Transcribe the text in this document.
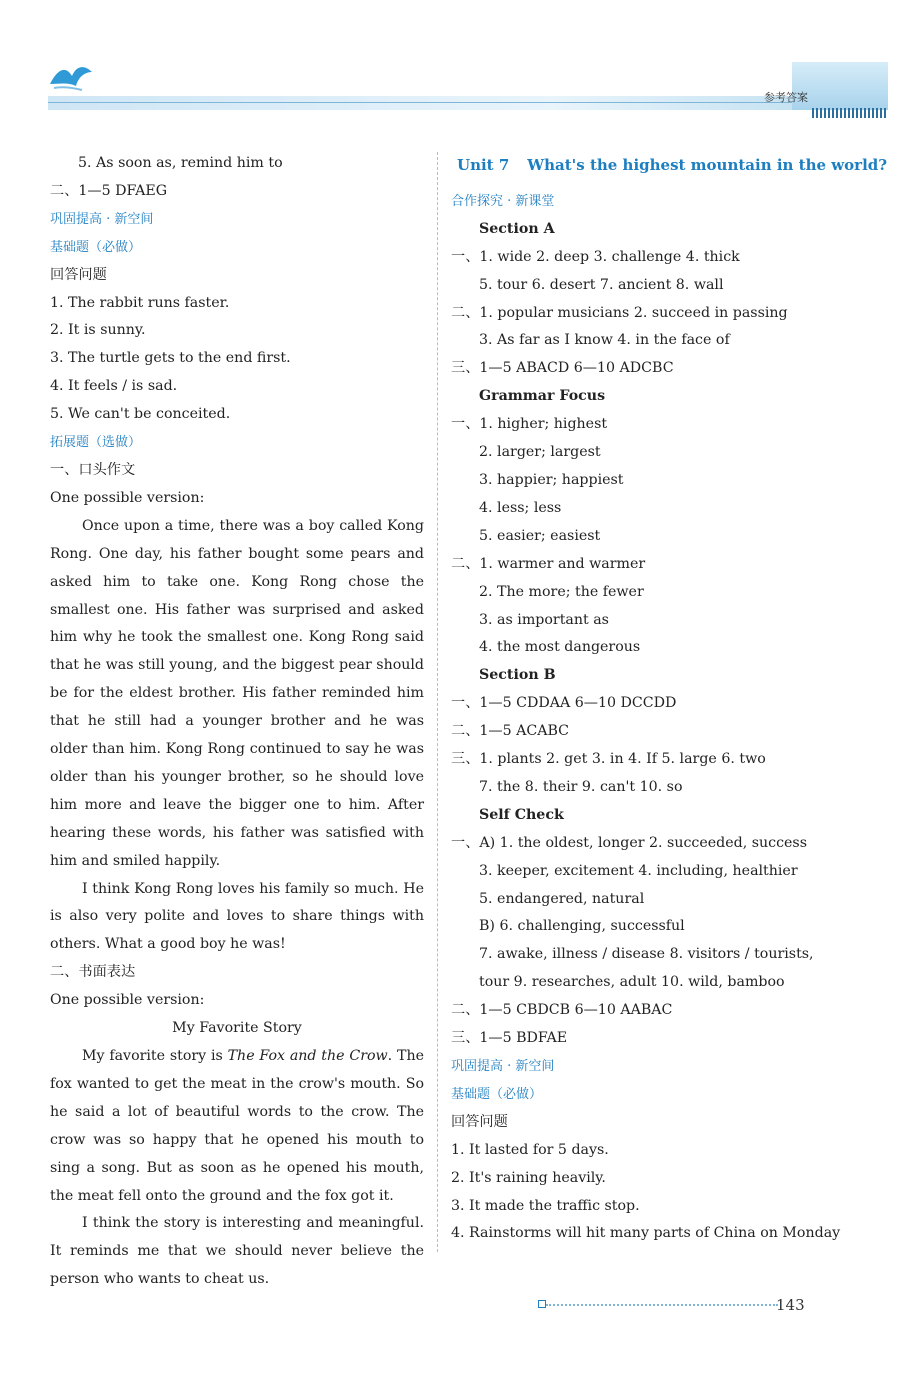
参考答案
5. As soon as, remind him to
二、1—5 DFAEG
巩固提高 · 新空间
基础题（必做）
回答问题
1. The rabbit runs faster.
2. It is sunny.
3. The turtle gets to the end first.
4. It feels / is sad.
5. We can't be conceited.
拓展题（选做）
一、口头作文
One possible version:
Once upon a time, there was a boy called Kong Rong. One day, his father bought some pears and asked him to take one. Kong Rong chose the smallest one. His father was surprised and asked him why he took the smallest one. Kong Rong said that he was still young, and the biggest pear should be for the eldest brother. His father reminded him that he still had a younger brother and he was older than him. Kong Rong continued to say he was older than his younger brother, so he should love him more and leave the bigger one to him. After hearing these words, his father was satisfied with him and smiled happily.
I think Kong Rong loves his family so much. He is also very polite and loves to share things with others. What a good boy he was!
二、书面表达
One possible version:
My Favorite Story
My favorite story is The Fox and the Crow. The fox wanted to get the meat in the crow's mouth. So he said a lot of beautiful words to the crow. The crow was so happy that he opened his mouth to sing a song. But as soon as he opened his mouth, the meat fell onto the ground and the fox got it.
I think the story is interesting and meaningful. It reminds me that we should never believe the person who wants to cheat us.
Unit 7 What's the highest mountain in the world?
合作探究 · 新课堂
Section A
一、1. wide 2. deep 3. challenge 4. thick
5. tour 6. desert 7. ancient 8. wall
二、1. popular musicians 2. succeed in passing
3. As far as I know 4. in the face of
三、1—5 ABACD 6—10 ADCBC
Grammar Focus
一、1. higher; highest
2. larger; largest
3. happier; happiest
4. less; less
5. easier; easiest
二、1. warmer and warmer
2. The more; the fewer
3. as important as
4. the most dangerous
Section B
一、1—5 CDDAA 6—10 DCCDD
二、1—5 ACABC
三、1. plants 2. get 3. in 4. If 5. large 6. two
7. the 8. their 9. can't 10. so
Self Check
一、A) 1. the oldest, longer 2. succeeded, success
3. keeper, excitement 4. including, healthier
5. endangered, natural
B) 6. challenging, successful
7. awake, illness / disease 8. visitors / tourists,
tour 9. researches, adult 10. wild, bamboo
二、1—5 CBDCB 6—10 AABAC
三、1—5 BDFAE
巩固提高 · 新空间
基础题（必做）
回答问题
1. It lasted for 5 days.
2. It's raining heavily.
3. It made the traffic stop.
4. Rainstorms will hit many parts of China on Monday
143
